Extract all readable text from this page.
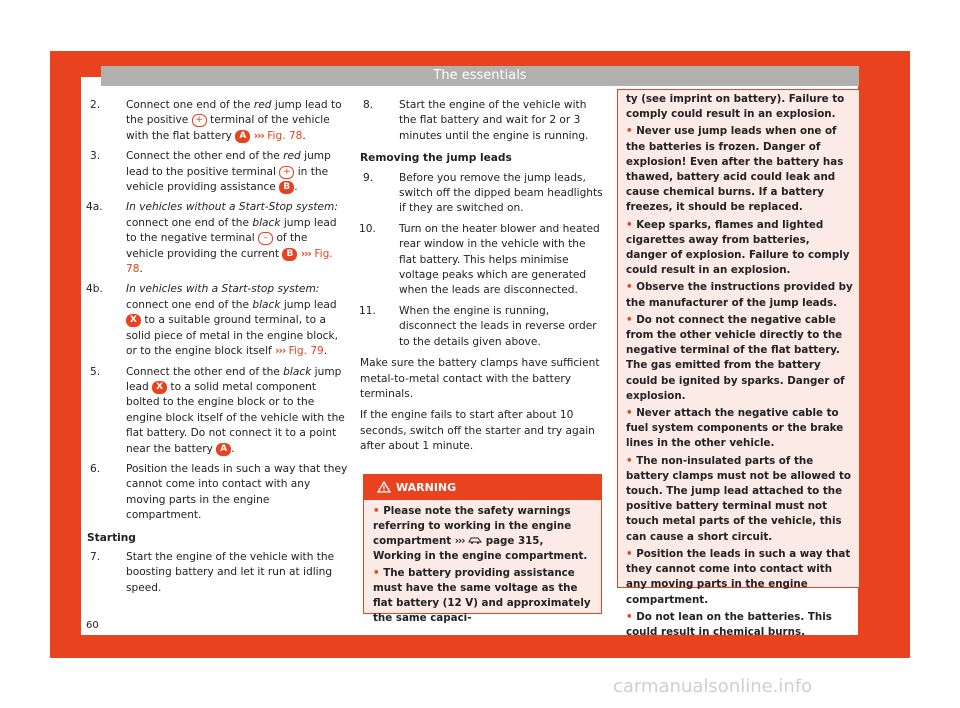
The essentials
2. Connect one end of the red jump lead to the positive + terminal of the vehicle with the flat battery A ››› Fig. 78.
3. Connect the other end of the red jump lead to the positive terminal + in the vehicle providing assistance B .
4a. In vehicles without a Start-Stop system: connect one end of the black jump lead to the negative terminal – of the vehicle providing the current B ››› Fig. 78.
4b. In vehicles with a Start-stop system: connect one end of the black jump lead X to a suitable ground terminal, to a solid piece of metal in the engine block, or to the engine block itself ››› Fig. 79.
5. Connect the other end of the black jump lead X to a solid metal component bolted to the engine block or to the engine block itself of the vehicle with the flat battery. Do not connect it to a point near the battery A .
6. Position the leads in such a way that they cannot come into contact with any moving parts in the engine compartment.
Starting
7. Start the engine of the vehicle with the boosting battery and let it run at idling speed.
8. Start the engine of the vehicle with the flat battery and wait for 2 or 3 minutes until the engine is running.
Removing the jump leads
9. Before you remove the jump leads, switch off the dipped beam headlights if they are switched on.
10. Turn on the heater blower and heated rear window in the vehicle with the flat battery. This helps minimise voltage peaks which are generated when the leads are disconnected.
11. When the engine is running, disconnect the leads in reverse order to the details given above.
Make sure the battery clamps have sufficient metal-to-metal contact with the battery terminals.
If the engine fails to start after about 10 seconds, switch off the starter and try again after about 1 minute.
WARNING

• Please note the safety warnings referring to working in the engine compartment ›››  page 315, Working in the engine compartment.

• The battery providing assistance must have the same voltage as the flat battery (12 V) and approximately the same capaci-

ty (see imprint on battery). Failure to comply could result in an explosion.

• Never use jump leads when one of the batteries is frozen. Danger of explosion! Even after the battery has thawed, battery acid could leak and cause chemical burns. If a battery freezes, it should be replaced.

• Keep sparks, flames and lighted cigarettes away from batteries, danger of explosion. Failure to comply could result in an explosion.

• Observe the instructions provided by the manufacturer of the jump leads.

• Do not connect the negative cable from the other vehicle directly to the negative terminal of the flat battery. The gas emitted from the battery could be ignited by sparks. Danger of explosion.

• Never attach the negative cable to fuel system components or the brake lines in the other vehicle.

• The non-insulated parts of the battery clamps must not be allowed to touch. The jump lead attached to the positive battery terminal must not touch metal parts of the vehicle, this can cause a short circuit.

• Position the leads in such a way that they cannot come into contact with any moving parts in the engine compartment.

• Do not lean on the batteries. This could result in chemical burns.

60
carmanualsonline.info
